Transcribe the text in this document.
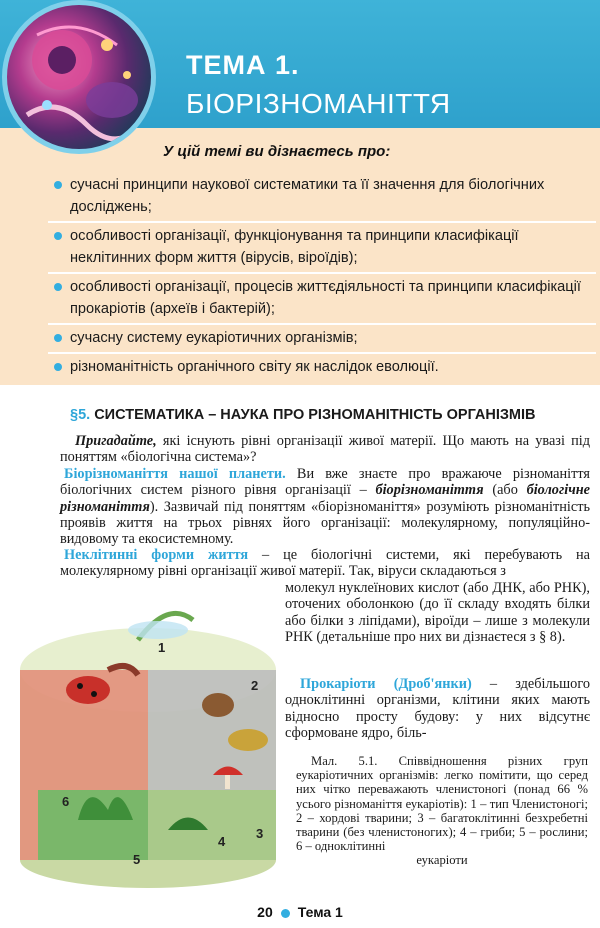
ТЕМА 1.
БІОРІЗНОМАНІТТЯ
У цій темі ви дізнаєтесь про:
сучасні принципи наукової систематики та її значення для біологічних досліджень;
особливості організації, функціонування та принципи класифікації неклітинних форм життя (вірусів, віроїдів);
особливості організації, процесів життєдіяльності та принципи класифікації прокаріотів (археїв і бактерій);
сучасну систему еукаріотичних організмів;
різноманітність органічного світу як наслідок еволюції.
§5. СИСТЕМАТИКА – НАУКА ПРО РІЗНОМАНІТНІСТЬ ОРГАНІЗМІВ

Пригадайте, які існують рівні організації живої матерії. Що мають на увазі під поняттям «біологічна система»?

Біорізноманіття нашої планети. Ви вже знаєте про вражаюче різноманіття біологічних систем різного рівня організації – біорізноманіття (або біологічне різноманіття). Зазвичай під поняттям «біорізноманіття» розуміють різноманітність проявів життя на трьох рівнях його організації: молекулярному, популяційно-видовому та екосистемному.

Неклітинні форми життя – це біологічні системи, які перебувають на молекулярному рівні організації живої матерії. Так, віруси складаються з

молекул нуклеїнових кислот (або ДНК, або РНК), оточених оболонкою (до її складу входять білки або білки з ліпідами), віроїди – лише з молекули РНК (детальніше про них ви дізнаєтеся з § 8).

Прокаріоти (Дроб'янки) – здебільшого одноклітинні організми, клітини яких мають відносно просту будову: у них відсутнє сформоване ядро, біль-

1
2
3
4
5
6

Мал. 5.1. Співвідношення різних груп еукаріотичних організмів: легко помітити, що серед них чітко переважають членистоногі (понад 66 % усього різноманіття еукаріотів): 1 – тип Членистоногі; 2 – хордові тварини; 3 – багатоклітинні безхребетні тварини (без членистоногих); 4 – гриби; 5 – рослини; 6 – одноклітинні
еукаріоти

20 Тема 1
